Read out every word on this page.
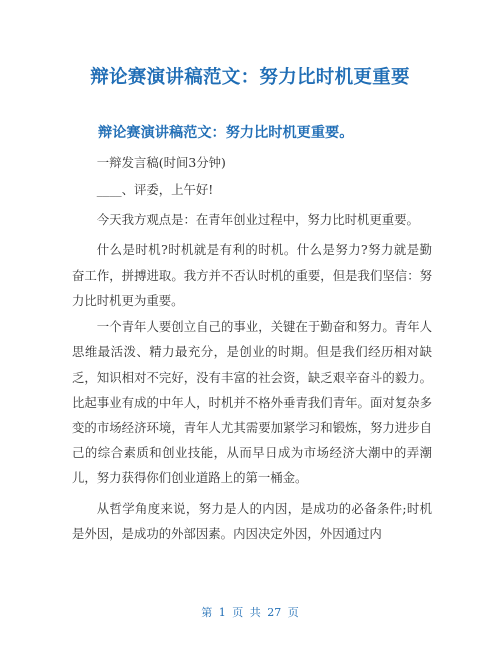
辩论赛演讲稿范文：努力比时机更重要
辩论赛演讲稿范文：努力比时机更重要。

一辩发言稿(时间3分钟)

____、评委，上午好!

今天我方观点是：在青年创业过程中，努力比时机更重要。

什么是时机?时机就是有利的时机。什么是努力?努力就是勤奋工作，拼搏进取。我方并不否认时机的重要，但是我们坚信：努力比时机更为重要。

一个青年人要创立自己的事业，关键在于勤奋和努力。青年人思维最活泼、精力最充分，是创业的时期。但是我们经历相对缺乏，知识相对不完好，没有丰富的社会资，缺乏艰辛奋斗的毅力。比起事业有成的中年人，时机并不格外垂青我们青年。面对复杂多变的市场经济环境，青年人尤其需要加紧学习和锻炼，努力进步自己的综合素质和创业技能，从而早日成为市场经济大潮中的弄潮儿，努力获得你们创业道路上的第一桶金。

从哲学角度来说，努力是人的内因，是成功的必备条件;时机是外因，是成功的外部因素。内因决定外因，外因通过内

第 1 页 共 27 页
